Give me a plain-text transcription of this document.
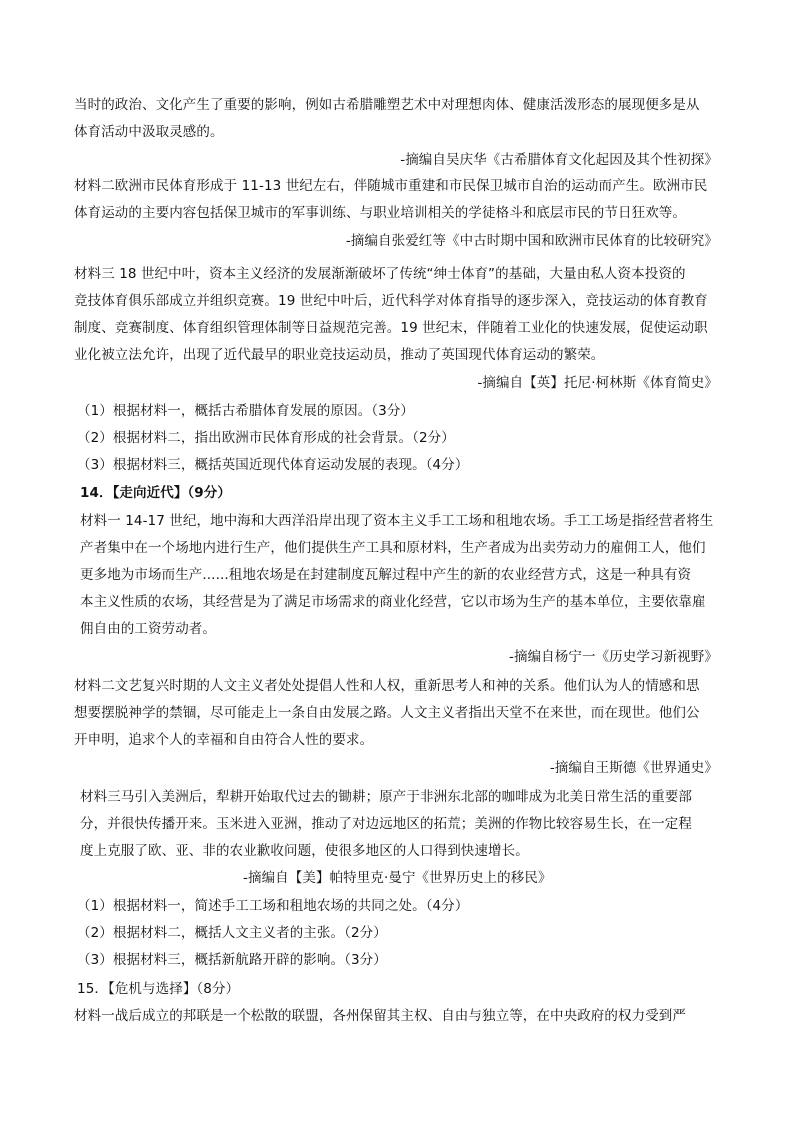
当时的政治、文化产生了重要的影响，例如古希腊雕塑艺术中对理想肉体、健康活泼形态的展现便多是从
体育活动中汲取灵感的。
-摘编自吴庆华《古希腊体育文化起因及其个性初探》
材料二欧洲市民体育形成于 11-13 世纪左右，伴随城市重建和市民保卫城市自治的运动而产生。欧洲市民
体育运动的主要内容包括保卫城市的军事训练、与职业培训相关的学徒格斗和底层市民的节日狂欢等。
-摘编自张爱红等《中古时期中国和欧洲市民体育的比较研究》
材料三 18 世纪中叶，资本主义经济的发展渐渐破坏了传统“绅士体育”的基础，大量由私人资本投资的
竞技体育俱乐部成立并组织竞赛。19 世纪中叶后，近代科学对体育指导的逐步深入，竞技运动的体育教育
制度、竞赛制度、体育组织管理体制等日益规范完善。19 世纪末，伴随着工业化的快速发展，促使运动职
业化被立法允许，出现了近代最早的职业竞技运动员，推动了英国现代体育运动的繁荣。
-摘编自【英】托尼·柯林斯《体育简史》
（1）根据材料一，概括古希腊体育发展的原因。（3分）
（2）根据材料二，指出欧洲市民体育形成的社会背景。（2分）
（3）根据材料三，概括英国近现代体育运动发展的表现。（4分）
14．【走向近代】（9分）
材料一 14-17 世纪，地中海和大西洋沿岸出现了资本主义手工工场和租地农场。手工工场是指经营者将生
产者集中在一个场地内进行生产，他们提供生产工具和原材料，生产者成为出卖劳动力的雇佣工人，他们
更多地为市场而生产......租地农场是在封建制度瓦解过程中产生的新的农业经营方式，这是一种具有资
本主义性质的农场，其经营是为了满足市场需求的商业化经营，它以市场为生产的基本单位，主要依靠雇
佣自由的工资劳动者。
-摘编自杨宁一《历史学习新视野》
材料二文艺复兴时期的人文主义者处处提倡人性和人权，重新思考人和神的关系。他们认为人的情感和思
想要摆脱神学的禁锢，尽可能走上一条自由发展之路。人文主义者指出天堂不在来世，而在现世。他们公
开申明，追求个人的幸福和自由符合人性的要求。
-摘编自王斯德《世界通史》
材料三马引入美洲后，犁耕开始取代过去的锄耕；原产于非洲东北部的咖啡成为北美日常生活的重要部
分，并很快传播开来。玉米进入亚洲，推动了对边远地区的拓荒；美洲的作物比较容易生长，在一定程
度上克服了欧、亚、非的农业歉收问题，使很多地区的人口得到快速增长。
-摘编自【美】帕特里克·曼宁《世界历史上的移民》
（1）根据材料一，简述手工工场和租地农场的共同之处。（4分）
（2）根据材料二，概括人文主义者的主张。（2分）
（3）根据材料三，概括新航路开辟的影响。（3分）
15．【危机与选择】（8分）
材料一战后成立的邦联是一个松散的联盟，各州保留其主权、自由与独立等，在中央政府的权力受到严
